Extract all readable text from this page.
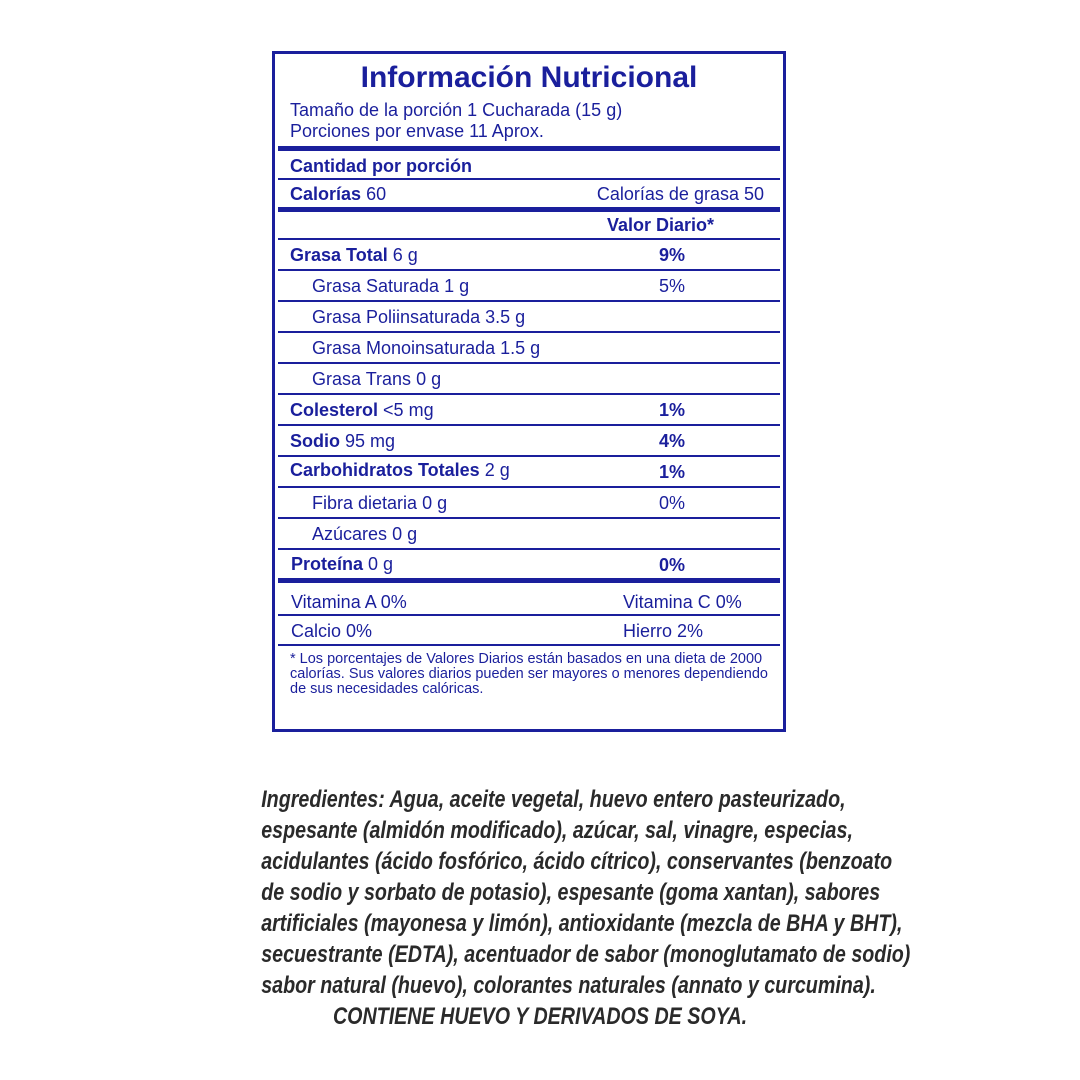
Información Nutricional
Tamaño de la porción 1 Cucharada (15 g)
Porciones por envase 11 Aprox.
Cantidad por porción
Calorías 60	Calorías de grasa 50
Valor Diario*
Grasa Total 6 g	9%
Grasa Saturada 1 g	5%
Grasa Poliinsaturada 3.5 g
Grasa Monoinsaturada 1.5 g
Grasa Trans 0 g
Colesterol <5 mg	1%
Sodio 95 mg	4%
Carbohidratos Totales 2 g	1%
Fibra dietaria 0 g	0%
Azúcares 0 g
Proteína 0 g	0%
Vitamina A 0%	Vitamina C 0%
Calcio 0%	Hierro 2%
* Los porcentajes de Valores Diarios están basados en una dieta de 2000 calorías. Sus valores diarios pueden ser mayores o menores dependiendo de sus necesidades calóricas.
Ingredientes: Agua, aceite vegetal, huevo entero pasteurizado,
espesante (almidón modificado), azúcar, sal, vinagre, especias,
acidulantes (ácido fosfórico, ácido cítrico), conservantes (benzoato
de sodio y sorbato de potasio), espesante (goma xantan), sabores
artificiales (mayonesa y limón), antioxidante (mezcla de BHA y BHT),
secuestrante (EDTA), acentuador de sabor (monoglutamato de sodio)
sabor natural (huevo), colorantes naturales (annato y curcumina).
CONTIENE HUEVO Y DERIVADOS DE SOYA.
